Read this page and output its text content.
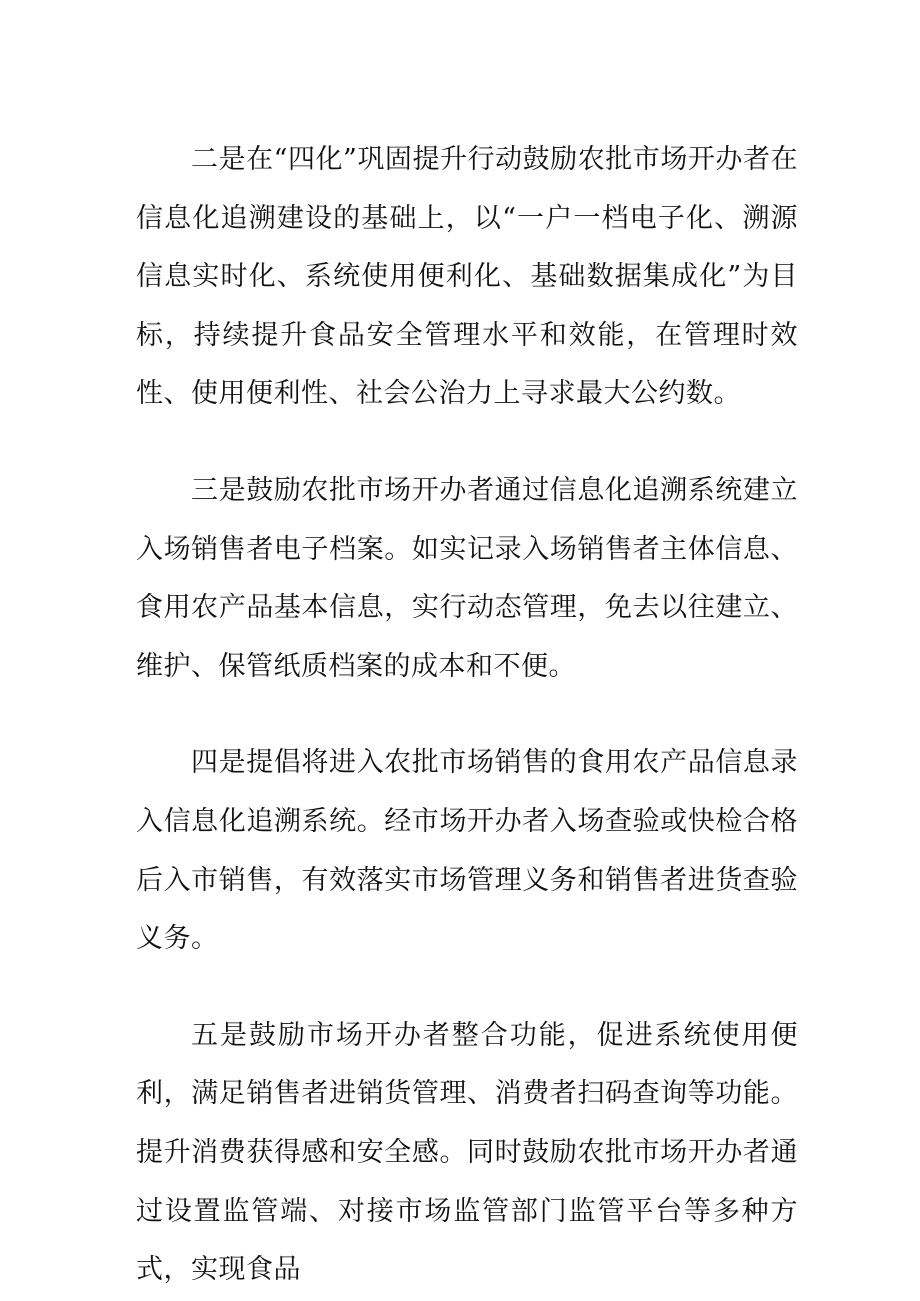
二是在“四化”巩固提升行动鼓励农批市场开办者在信息化追溯建设的基础上，以“一户一档电子化、溯源信息实时化、系统使用便利化、基础数据集成化”为目标，持续提升食品安全管理水平和效能，在管理时效性、使用便利性、社会公治力上寻求最大公约数。

三是鼓励农批市场开办者通过信息化追溯系统建立入场销售者电子档案。如实记录入场销售者主体信息、食用农产品基本信息，实行动态管理，免去以往建立、维护、保管纸质档案的成本和不便。

四是提倡将进入农批市场销售的食用农产品信息录入信息化追溯系统。经市场开办者入场查验或快检合格后入市销售，有效落实市场管理义务和销售者进货查验义务。

五是鼓励市场开办者整合功能，促进系统使用便利，满足销售者进销货管理、消费者扫码查询等功能。提升消费获得感和安全感。同时鼓励农批市场开办者通过设置监管端、对接市场监管部门监管平台等多种方式，实现食品
